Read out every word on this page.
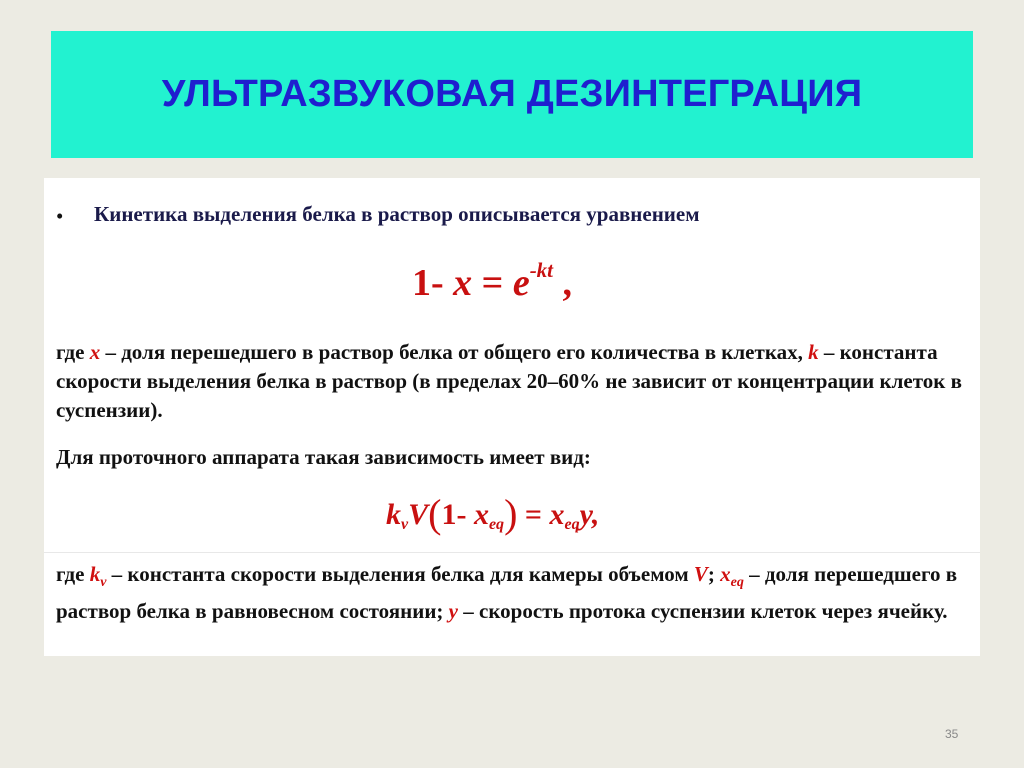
УЛЬТРАЗВУКОВАЯ ДЕЗИНТЕГРАЦИЯ
• Кинетика выделения белка в раствор описывается уравнением

1- $x = e^{-kt}$ ,

где x – доля перешедшего в раствор белка от общего его количества в клетках, k – константа скорости выделения белка в раствор (в пределах 20–60% не зависит от концентрации клеток в суспензии).

Для проточного аппарата такая зависимость имеет вид:

$k_vV(1-$ $x_{eq}) = x_{eq}y$,

где $k_v$ – константа скорости выделения белка для камеры объемом V; $x_{eq}$ – доля перешедшего в раствор белка в равновесном состоянии; y – скорость протока суспензии клеток через ячейку.

35
